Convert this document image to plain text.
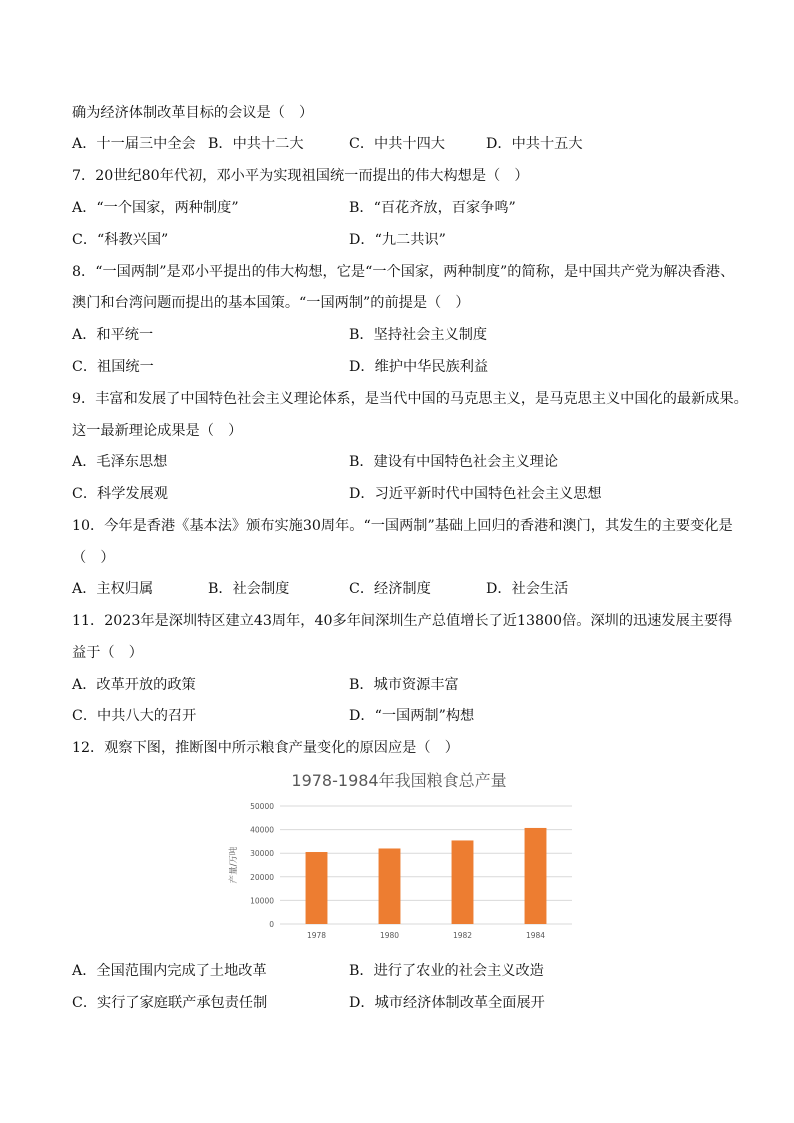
确为经济体制改革目标的会议是（　）
A．十一届三中全会 B．中共十二大	C．中共十四大	D．中共十五大
7．20世纪80年代初，邓小平为实现祖国统一而提出的伟大构想是（　）
A．“一个国家，两种制度”	B．“百花齐放，百家争鸣”
C．“科教兴国”	D．“九二共识”
8．“一国两制”是邓小平提出的伟大构想，它是“一个国家，两种制度”的简称，是中国共产党为解决香港、
澳门和台湾问题而提出的基本国策。“一国两制”的前提是（　）
A．和平统一	B．坚持社会主义制度
C．祖国统一	D．维护中华民族利益
9．丰富和发展了中国特色社会主义理论体系，是当代中国的马克思主义，是马克思主义中国化的最新成果。
这一最新理论成果是（　）
A．毛泽东思想	B．建设有中国特色社会主义理论
C．科学发展观	D．习近平新时代中国特色社会主义思想
10．今年是香港《基本法》颁布实施30周年。“一国两制”基础上回归的香港和澳门，其发生的主要变化是
（　）
A．主权归属	B．社会制度	C．经济制度	D．社会生活
11．2023年是深圳特区建立43周年，40多年间深圳生产总值增长了近13800倍。深圳的迅速发展主要得
益于（　）
A．改革开放的政策	B．城市资源丰富
C．中共八大的召开	D．“一国两制”构想
12．观察下图，推断图中所示粮食产量变化的原因应是（　）
1978-1984年我国粮食总产量
0
10000
20000
30000
40000
50000
产量/万吨
1978	1980	1982	1984
A．全国范围内完成了土地改革	B．进行了农业的社会主义改造
C．实行了家庭联产承包责任制	D．城市经济体制改革全面展开
